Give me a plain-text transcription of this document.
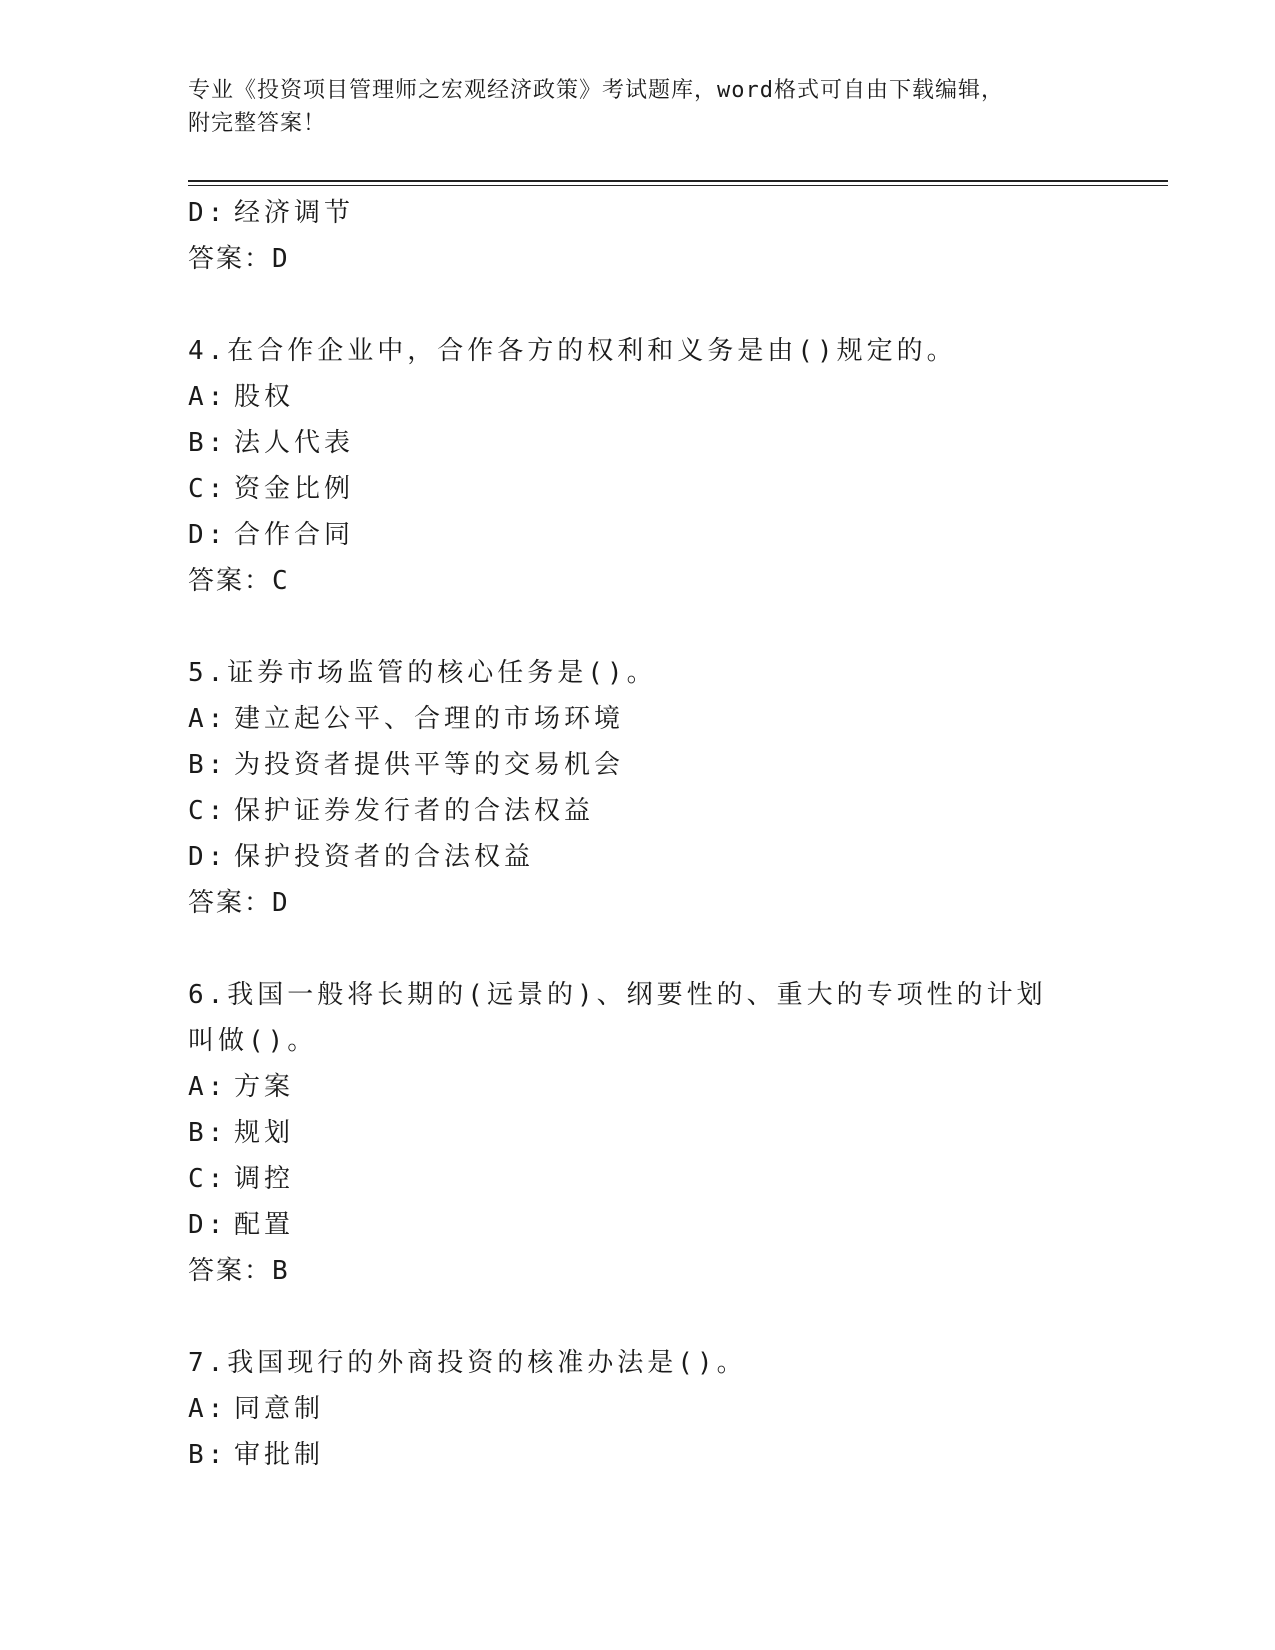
专业《投资项目管理师之宏观经济政策》考试题库，word格式可自由下载编辑，
附完整答案！
D: 经济调节
答案：D
4.在合作企业中，合作各方的权利和义务是由()规定的。
A: 股权
B: 法人代表
C: 资金比例
D: 合作合同
答案：C
5.证券市场监管的核心任务是()。
A: 建立起公平、合理的市场环境
B: 为投资者提供平等的交易机会
C: 保护证券发行者的合法权益
D: 保护投资者的合法权益
答案：D
6.我国一般将长期的(远景的)、纲要性的、重大的专项性的计划叫做()。
A: 方案
B: 规划
C: 调控
D: 配置
答案：B
7.我国现行的外商投资的核准办法是()。
A: 同意制
B: 审批制
